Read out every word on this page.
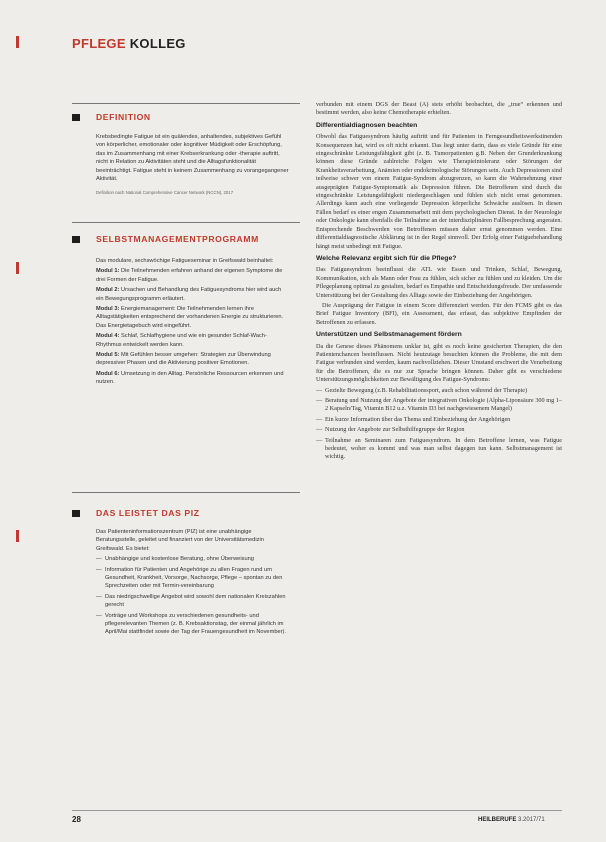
PFLEGE KOLLEG
DEFINITION

Krebsbedingte Fatigue ist ein quälendes, anhaltendes, subjektives Gefühl von körperlicher, emotionaler oder kognitiver Müdigkeit oder Erschöpfung, das im Zusammenhang mit einer Krebserkrankung oder -therapie auftritt, nicht in Relation zu Aktivitäten steht und die Alltagsfunktionalität beeinträchtigt. Fatigue steht in keinem Zusammenhang zu vorangegangener Aktivität.

Definition nach National Comprehensive Cancer Network (NCCN), 2017
SELBSTMANAGEMENTPROGRAMM

Das modulare, sechswöchige Fatigueseminar in Greifswald beinhaltet:

Modul 1: Die Teilnehmenden erfahren anhand der eigenen Symptome die drei Formen der Fatigue.

Modul 2: Ursachen und Behandlung des Fatiguesyndroms hier wird auch ein Bewegungsprogramm erläutert.

Modul 3: Energiemanagement: Die Teilnehmenden lernen ihre Alltagstätigkeiten entsprechend der vorhandenen Energie zu strukturieren. Das Energietagebuch wird eingeführt.

Modul 4: Schlaf, Schlafhygiene und wie ein gesunder Schlaf-Wach-Rhythmus entwickelt werden kann.

Modul 5: Mit Gefühlen besser umgehen: Strategien zur Überwindung depressiver Phasen und die Aktivierung positiver Emotionen.

Modul 6: Umsetzung in den Alltag. Persönliche Ressourcen erkennen und nutzen.

DAS LEISTET DAS PIZ

Das Patienteninformationszentrum (PIZ) ist eine unabhängige Beratungsstelle, geleitet und finanziert von der Universitätsmedizin Greifswald. Es bietet:

— Unabhängige und kostenlose Beratung, ohne Überweisung
— Information für Patienten und Angehörige zu allen Fragen rund um Gesundheit, Krankheit, Vorsorge, Nachsorge, Pflege – spontan zu den Sprechzeiten oder mit Termin-vereinbarung
— Das niedrigschwellige Angebot wird sowohl dem nationalen Kreiszahlen gerecht
— Vorträge und Workshops zu verschiedenen gesundheits- und pflegerelevanten Themen (z. B. Krebsaktionstag, der einmal jährlich im April/Mai stattfindet sowie der Tag der Frauengesundheit im November).

verbunden mit einem DGS der Beast (A) stets erhöht beobachtet, die „true“ erkennen und bestimmt werden, also keine Chemotherapie erhielten.

Differentialdiagnosen beachten

Obwohl das Fatiguesyndrom häufig auftritt und für Patienten in Ferngesundheitswerkstinenden Konsequenzen hat, wird es oft nicht erkannt. Das liegt unter darin, dass es viele Gründe für eine eingeschränkte Leistungsfähigkeit gibt (z. B. Tumorpatienten g.B. Neben der Grunderkrankung können diese Gründe zahlreiche Folgen wie Therapieintoleranz oder Störungen der Krankheitsverarbeitung, Anämien oder endokrinologische Störungen sein. Auch Depressionen sind teilweise schwer von einem Fatigue-Syndrom abzugrenzen, so kann die Wahrnehmung einer ausgeprägten Fatigue-Symptomatik als Depression führen. Die Betroffenen sind durch die eingeschränkte Leistungsfähigkeit niedergeschlagen und fühlen sich nicht ernst genommen. Allerdings kann auch eine vorliegende Depression körperliche Schwäche auslösen. In diesen Fällen bedarf es einer engen Zusammenarbeit mit dem psychologischen Dienst. In der Neurologie oder Onkologie kann ebenfalls die Teilnahme an der interdisziplinären Fallbesprechung angeraten. Entsprechende Beschwerden von Betroffenen müssen daher ernst genommen werden. Eine differentialdiagnostische Abklärung ist in der Regel sinnvoll. Der Erfolg einer Fatiguebehandlung hängt meist unbedingt mit Fatigue.

Welche Relevanz ergibt sich für die Pflege?

Das Fatiguesyndrom beeinflusst die ATL wie Essen und Trinken, Schlaf, Bewegung, Kommunikation, sich als Mann oder Frau zu fühlen, sich sicher zu fühlen und zu kleiden. Um die Pflegeplanung optimal zu gestalten, bedarf es Empathie und Entscheidungsfreude. Der umfassende Unterstützung bei der Gestaltung des Alltags sowie der Einbeziehung der Angehörigen.

Die Ausprägung der Fatigue in einem Score differenziert werden. Für den FCMS gibt es das Brief Fatigue Inventory (BFI), ein Assessment, das erfasst, das subjektive Empfinden der Betroffenen zu erfassen.

Unterstützen und Selbstmanagement fördern

Da die Genese dieses Phänomens unklar ist, gibt es noch keine gesicherten Therapien, die den Patientenchancen beeinflussen. Nicht heutzutage besuchten können die Probleme, die mit dem Fatigue verbunden sind werden, kaum nachvollziehen. Dieser Umstand erschwert die Verarbeitung für die Betroffenen, die es nur zur Sprache bringen können. Daher gibt es verschiedene Unterstützungsmöglichkeiten zur Bewältigung des Fatigue-Syndroms:

— Gezielte Bewegung (z.B. Rehabilitationssport, auch schon während der Therapie)
— Beratung und Nutzung der Angebote der integrativen Onkologie (Alpha-Liponsäure 300 mg 1–2 Kapseln/Tag, Vitamin B12 u.z. Vitamin D3 bei nachgewiesenem Mangel)
— Ein kurze Information über das Thema und Einbeziehung der Angehörigen
— Nutzung der Angebote zur Selbsthilfegruppe der Region
— Teilnahme an Seminaren zum Fatiguesyndrom. In dem Betroffene lernen, was Fatigue bedeutet, woher es kommt und was man selbst dagegen tun kann. Selbstmanagement ist wichtig.
28	HEILBERUFE 3.2017/71
